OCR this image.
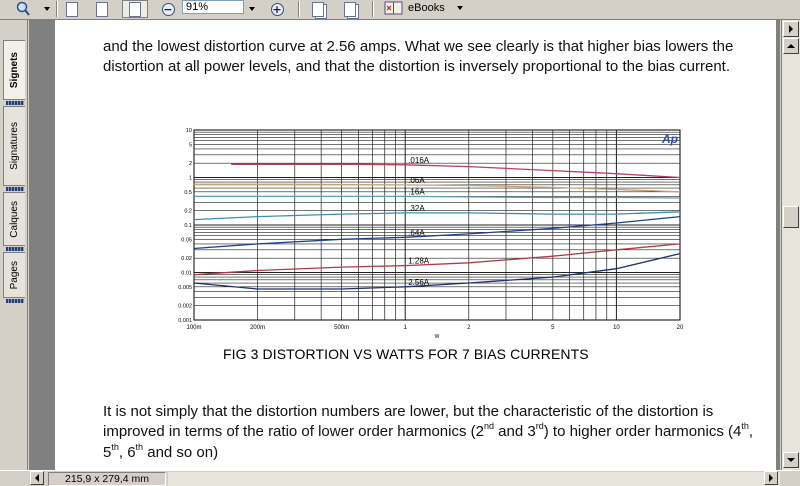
−	91%	+	eBooks
Signets
Signatures
Calques
Pages

and the lowest distortion curve at 2.56 amps. What we see clearly is that higher bias lowers the distortion at all power levels, and that the distortion is inversely proportional to the bias current.

.016A
.06A
.16A
.32A
.64A
1.28A
2.56A
100m	200m	500m	1	2	5	10	20
10
5
2
1
0.5
0.2
0.1
0.05
0.02
0.01
0.005
0.002
0.001
W
Ap
FIG 3 DISTORTION VS WATTS FOR 7 BIAS CURRENTS

It is not simply that the distortion numbers are lower, but the characteristic of the distortion is improved in terms of the ratio of lower order harmonics (2nd and 3rd) to higher order harmonics (4th, 5th, 6th and so on)

215,9 x 279,4 mm
